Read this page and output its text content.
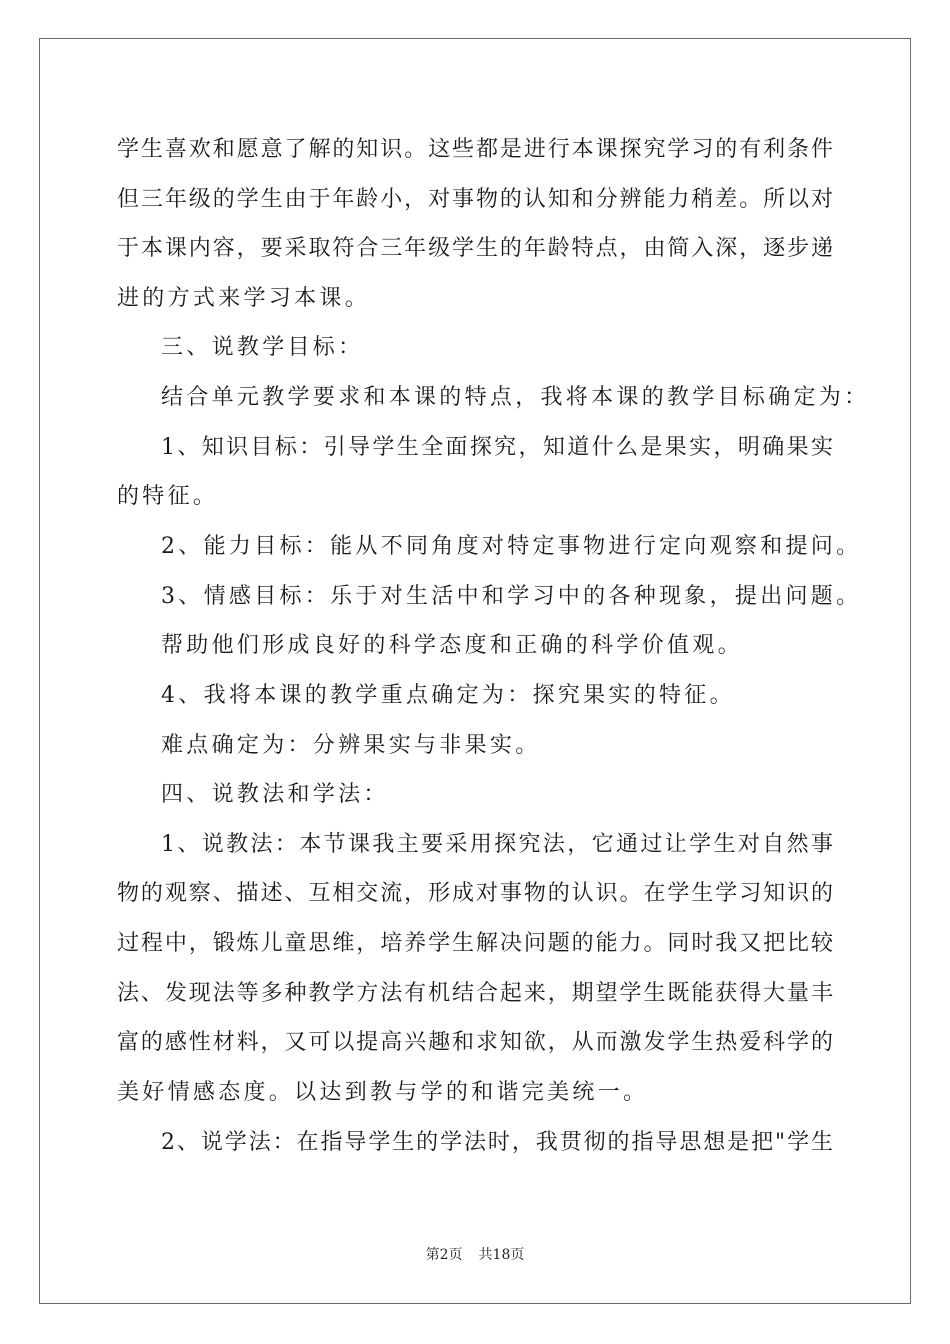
学生喜欢和愿意了解的知识。这些都是进行本课探究学习的有利条件
但三年级的学生由于年龄小，对事物的认知和分辨能力稍差。所以对
于本课内容，要采取符合三年级学生的年龄特点，由简入深，逐步递
进的方式来学习本课。
三、说教学目标：
结合单元教学要求和本课的特点，我将本课的教学目标确定为：
1、知识目标：引导学生全面探究，知道什么是果实，明确果实
的特征。
2、能力目标：能从不同角度对特定事物进行定向观察和提问。
3、情感目标：乐于对生活中和学习中的各种现象，提出问题。
帮助他们形成良好的科学态度和正确的科学价值观。
4、我将本课的教学重点确定为：探究果实的特征。
难点确定为：分辨果实与非果实。
四、说教法和学法：
1、说教法：本节课我主要采用探究法，它通过让学生对自然事
物的观察、描述、互相交流，形成对事物的认识。在学生学习知识的
过程中，锻炼儿童思维，培养学生解决问题的能力。同时我又把比较
法、发现法等多种教学方法有机结合起来，期望学生既能获得大量丰
富的感性材料，又可以提高兴趣和求知欲，从而激发学生热爱科学的
美好情感态度。以达到教与学的和谐完美统一。
2、说学法：在指导学生的学法时，我贯彻的指导思想是把"学生
第2页 共18页
